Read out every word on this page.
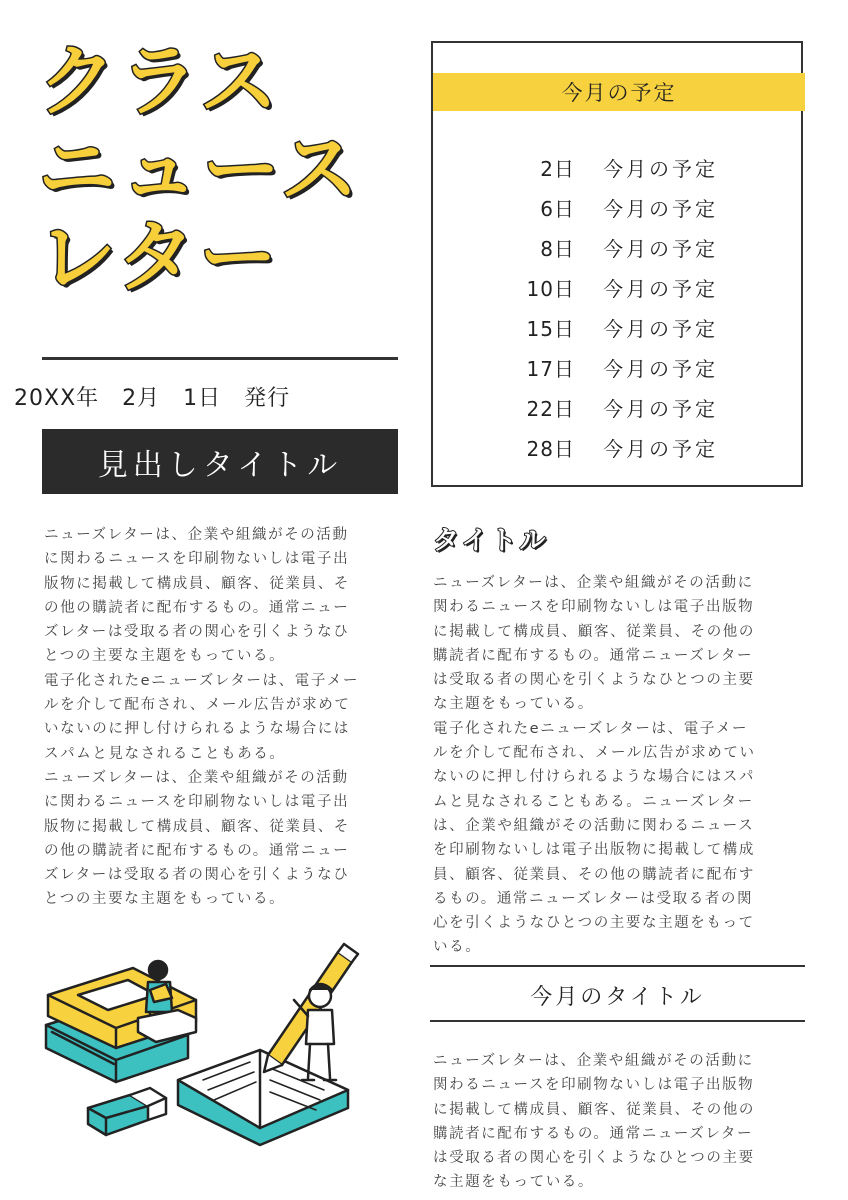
クラス
ニュース
レター
20XX年　2月　1日　発行
見出しタイトル

ニューズレターは、企業や組織がその活動に関わるニュースを印刷物ないしは電子出版物に掲載して構成員、顧客、従業員、その他の購読者に配布するもの。通常ニューズレターは受取る者の関心を引くようなひとつの主要な主題をもっている。

電子化されたeニューズレターは、電子メールを介して配布され、メール広告が求めていないのに押し付けられるような場合にはスパムと見なされることもある。

ニューズレターは、企業や組織がその活動に関わるニュースを印刷物ないしは電子出版物に掲載して構成員、顧客、従業員、その他の購読者に配布するもの。通常ニューズレターは受取る者の関心を引くようなひとつの主要な主題をもっている。

今月の予定
2日 今月の予定
6日 今月の予定
8日 今月の予定
10日 今月の予定
15日 今月の予定
17日 今月の予定
22日 今月の予定
28日 今月の予定
タイトル

ニューズレターは、企業や組織がその活動に関わるニュースを印刷物ないしは電子出版物に掲載して構成員、顧客、従業員、その他の購読者に配布するもの。通常ニューズレターは受取る者の関心を引くようなひとつの主要な主題をもっている。

電子化されたeニューズレターは、電子メールを介して配布され、メール広告が求めていないのに押し付けられるような場合にはスパムと見なされることもある。ニューズレターは、企業や組織がその活動に関わるニュースを印刷物ないしは電子出版物に掲載して構成員、顧客、従業員、その他の購読者に配布するもの。通常ニューズレターは受取る者の関心を引くようなひとつの主要な主題をもっている。

今月のタイトル

ニューズレターは、企業や組織がその活動に関わるニュースを印刷物ないしは電子出版物に掲載して構成員、顧客、従業員、その他の購読者に配布するもの。通常ニューズレターは受取る者の関心を引くようなひとつの主要な主題をもっている。
